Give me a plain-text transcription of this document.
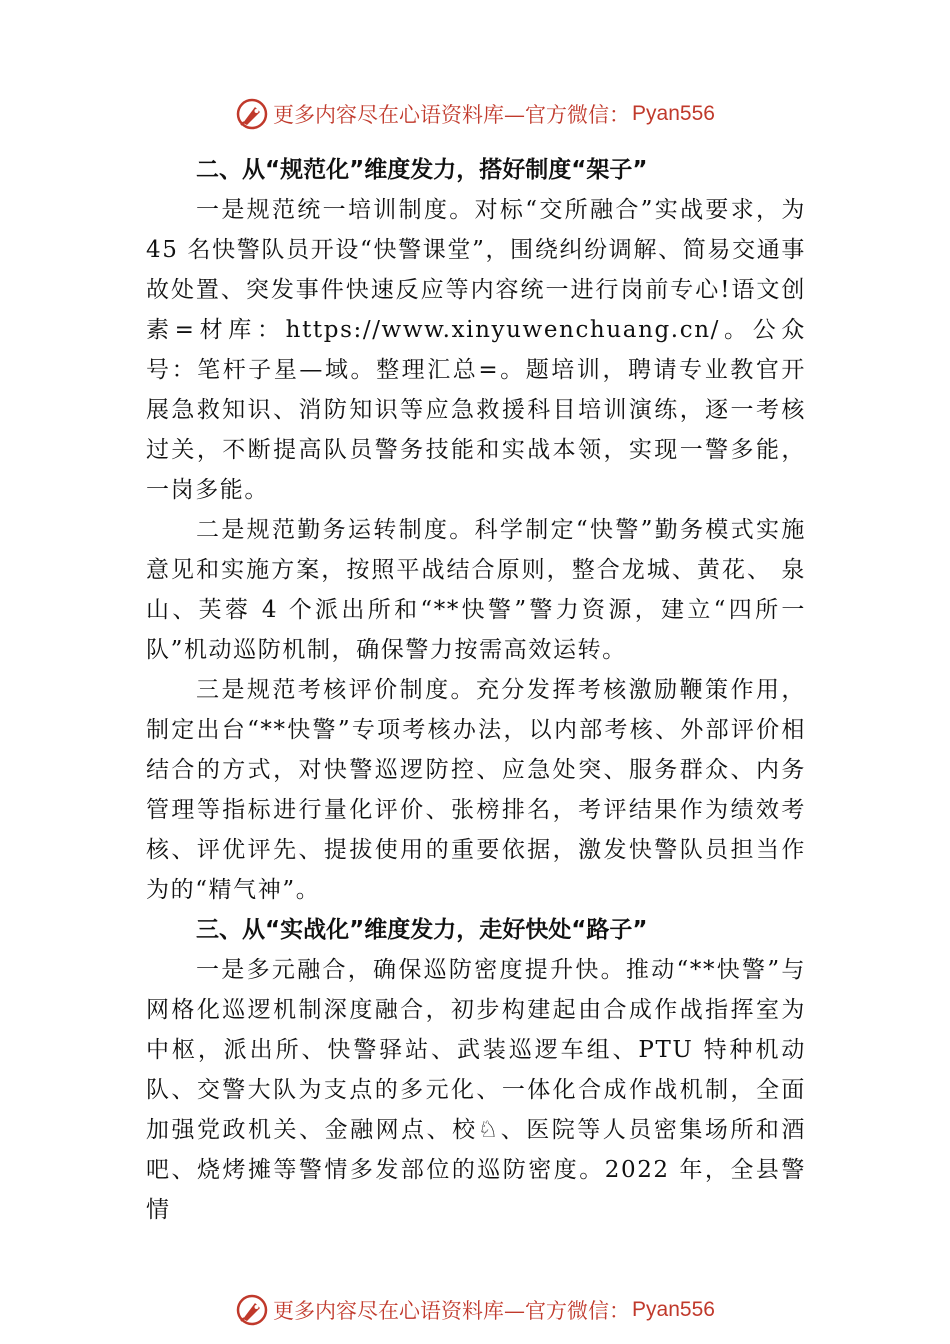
更多内容尽在心语资料库— 官方微信： Pyan556

二、从“规范化”维度发力，搭好制度“架子”

一是规范统一培训制度。对标“交所融合”实战要求，为 45 名快警队员开设“快警课堂”，围绕纠纷调解、简易交通事故处置、突发事件快速反应等内容统一进行岗前专心!语文创素=材库：https://www.xinyuwenchuang.cn/。公众号：笔杆子星—域。整理汇总=。题培训，聘请专业教官开展急救知识、消防知识等应急救援科目培训演练，逐一考核过关，不断提高队员警务技能和实战本领，实现一警多能，一岗多能。

二是规范勤务运转制度。科学制定“快警”勤务模式实施意见和实施方案，按照平战结合原则，整合龙城、黄花、 泉山、芙蓉 4 个派出所和“**快警”警力资源，建立“四所一队”机动巡防机制，确保警力按需高效运转。

三是规范考核评价制度。充分发挥考核激励鞭策作用，制定出台“**快警”专项考核办法，以内部考核、外部评价相结合的方式，对快警巡逻防控、应急处突、服务群众、内务管理等指标进行量化评价、张榜排名，考评结果作为绩效考核、评优评先、提拔使用的重要依据，激发快警队员担当作为的“精气神”。

三、从“实战化”维度发力，走好快处“路子”

一是多元融合，确保巡防密度提升快。推动“**快警”与网格化巡逻机制深度融合，初步构建起由合成作战指挥室为中枢，派出所、快警驿站、武装巡逻车组、PTU 特种机动队、交警大队为支点的多元化、一体化合成作战机制，全面加强党政机关、金融网点、校♘、医院等人员密集场所和酒吧、烧烤摊等警情多发部位的巡防密度。2022 年，全县警情

更多内容尽在心语资料库— 官方微信： Pyan556
